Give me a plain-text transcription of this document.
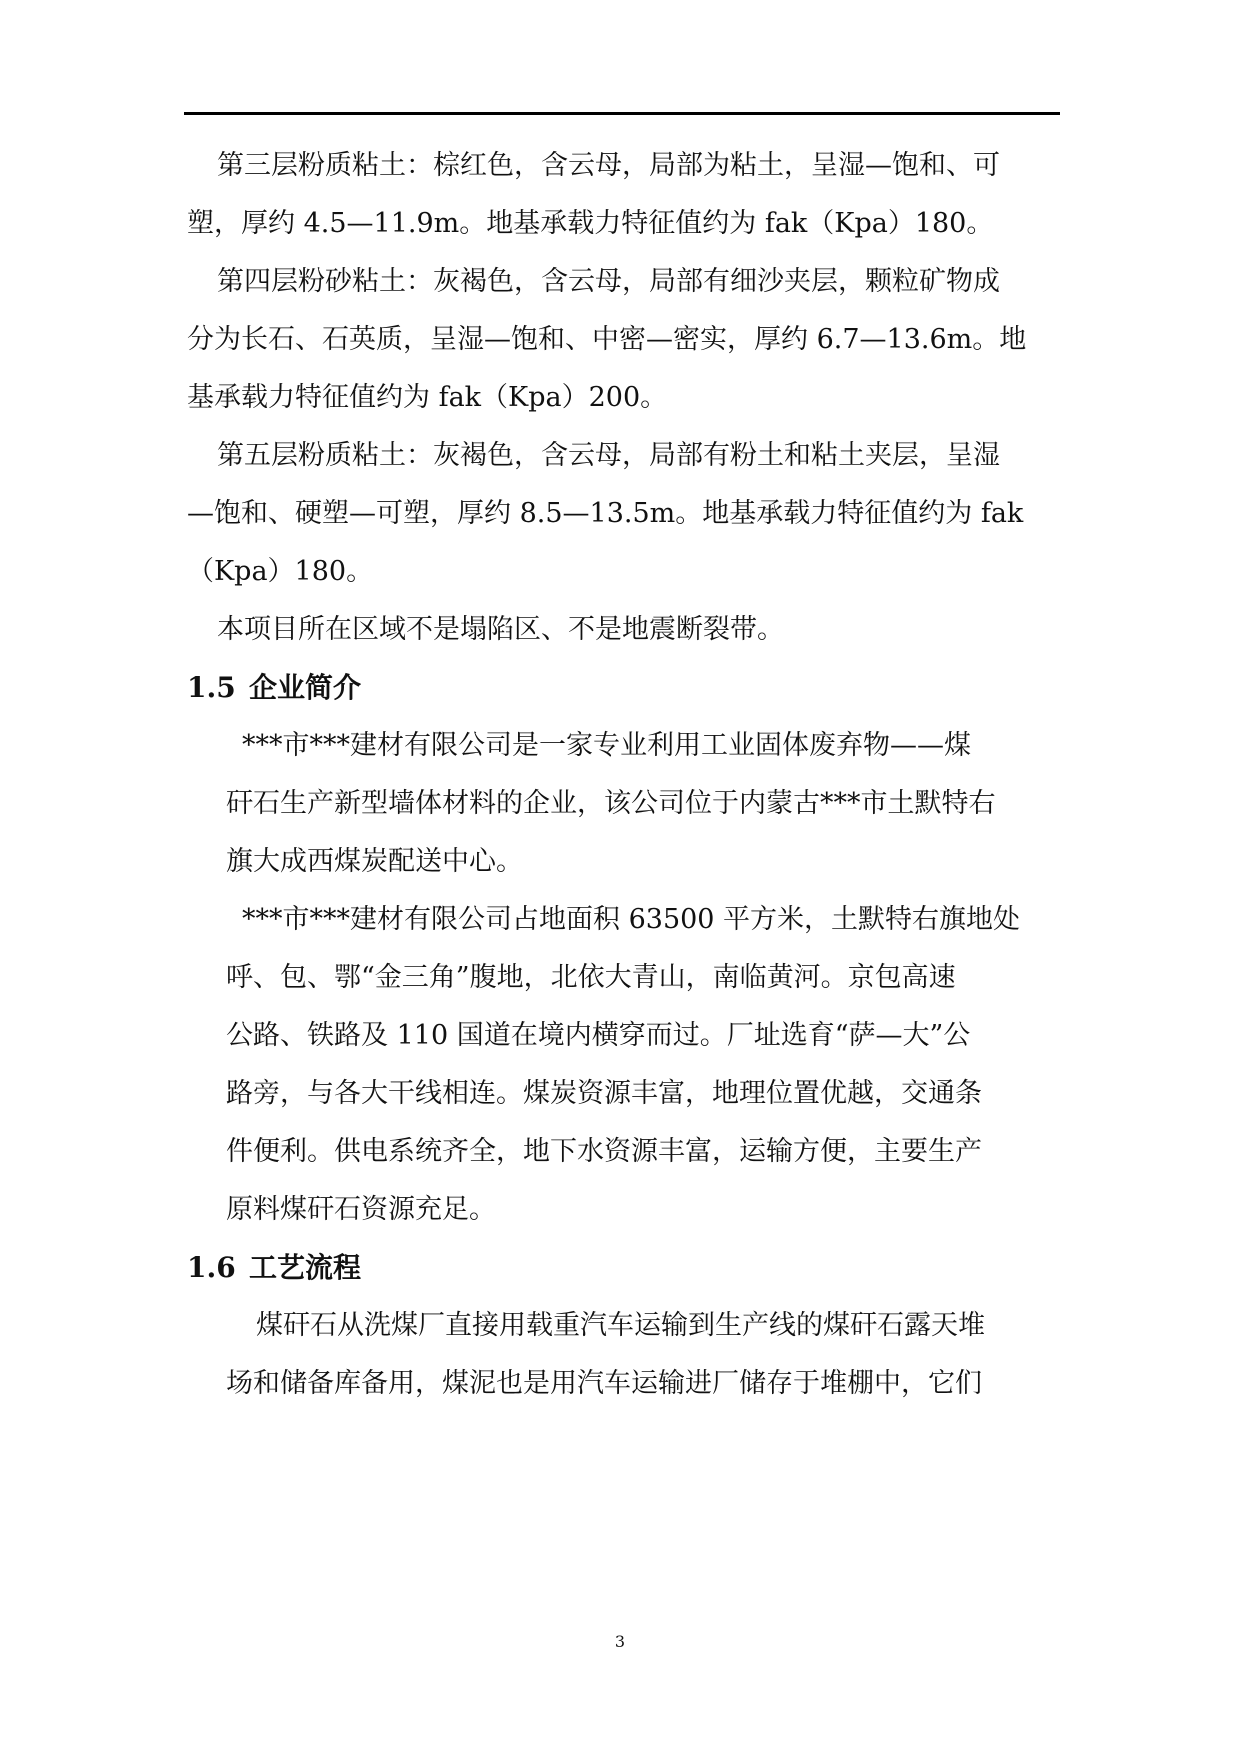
第三层粉质粘土：棕红色，含云母，局部为粘土，呈湿—饱和、可
塑，厚约 4.5—11.9m。地基承载力特征值约为 fak（Kpa）180。
第四层粉砂粘土：灰褐色，含云母，局部有细沙夹层，颗粒矿物成
分为长石、石英质，呈湿—饱和、中密—密实，厚约 6.7—13.6m。地
基承载力特征值约为 fak（Kpa）200。
第五层粉质粘土：灰褐色，含云母，局部有粉土和粘土夹层，呈湿
—饱和、硬塑—可塑，厚约 8.5—13.5m。地基承载力特征值约为 fak
（Kpa）180。
本项目所在区域不是塌陷区、不是地震断裂带。
1.5 企业简介
***市***建材有限公司是一家专业利用工业固体废弃物——煤
矸石生产新型墙体材料的企业，该公司位于内蒙古***市土默特右
旗大成西煤炭配送中心。
***市***建材有限公司占地面积 63500 平方米，土默特右旗地处
呼、包、鄂“金三角”腹地，北依大青山，南临黄河。京包高速
公路、铁路及 110 国道在境内横穿而过。厂址选育“萨—大”公
路旁，与各大干线相连。煤炭资源丰富，地理位置优越，交通条
件便利。供电系统齐全，地下水资源丰富，运输方便，主要生产
原料煤矸石资源充足。
1.6 工艺流程
煤矸石从洗煤厂直接用载重汽车运输到生产线的煤矸石露天堆
场和储备库备用，煤泥也是用汽车运输进厂储存于堆棚中，它们
3
